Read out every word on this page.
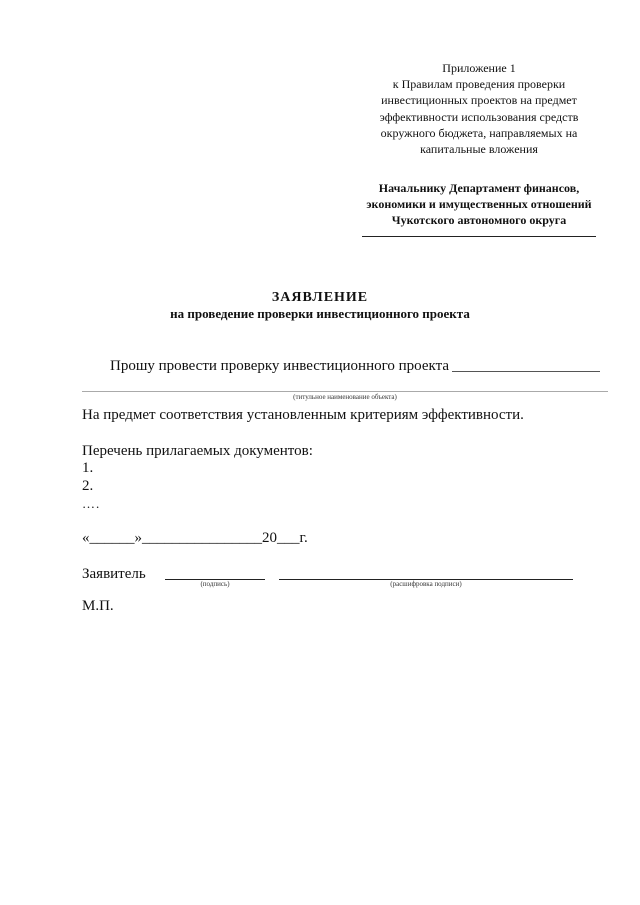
Приложение 1
к Правилам проведения проверки
инвестиционных проектов на предмет
эффективности использования средств
окружного бюджета, направляемых на
капитальные вложения
Начальнику Департамент финансов,
экономики и имущественных отношений
Чукотского автономного округа
ЗАЯВЛЕНИЕ
на проведение проверки инвестиционного проекта
Прошу провести проверку инвестиционного проекта
(титульное наименование объекта)
На предмет соответствия установленным критериям эффективности.
Перечень прилагаемых документов:
1.
2.
….
«______»________________20___г.
Заявитель
(подпись)	(расшифровка подписи)
М.П.
